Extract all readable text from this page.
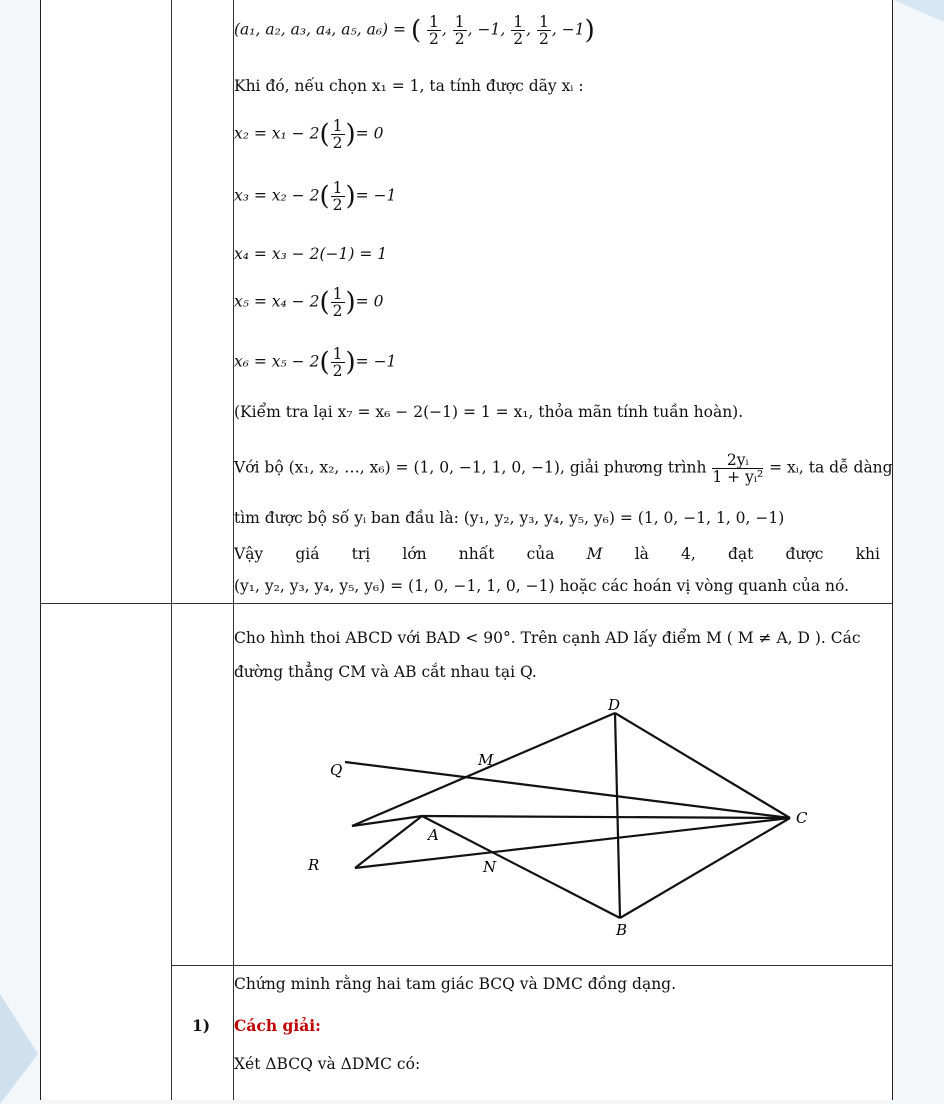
(a₁, a₂, a₃, a₄, a₅, a₆) = ( $\frac{1}{2}$ , $\frac{1}{2}$ , −1, $\frac{1}{2}$ , $\frac{1}{2}$ , −1)
Khi đó, nếu chọn x₁ = 1, ta tính được dãy xᵢ :
$x_2 = x_1 - 2( \frac{1}{2}$ )= 0
$x_3 = x_2 - 2( \frac{1}{2}$ )= −1
x₄ = x₃ − 2(−1) = 1
$x_5 = x_4 - 2( \frac{1}{2}$ )= 0
$x_6 = x_5 - 2( \frac{1}{2}$ )= −1
(Kiểm tra lại x₇ = x₆ − 2(−1) = 1 = x₁, thỏa mãn tính tuần hoàn).
Với bộ (x₁, x₂, …, x₆) = (1, 0, −1, 1, 0, −1), giải phương trình $\frac{\text{2yᵢ}}{\text{1 + yᵢ²}}$ = xᵢ, ta dễ dàng
tìm được bộ số yᵢ ban đầu là: (y₁, y₂, y₃, y₄, y₅, y₆) = (1, 0, −1, 1, 0, −1)
Vậy giá trị lớn nhất của M là 4, đạt được khi
(y₁, y₂, y₃, y₄, y₅, y₆) = (1, 0, −1, 1, 0, −1) hoặc các hoán vị vòng quanh của nó.
Cho hình thoi ABCD với BAD < 90°. Trên cạnh AD lấy điểm M ( M ≠ A, D ). Các
đường thẳng CM và AB cắt nhau tại Q.
D
M
Q
C
A
R	N
B
Chứng minh rằng hai tam giác BCQ và DMC đồng dạng.
Cách giải:
Xét ΔBCQ và ΔDMC có:
1)
